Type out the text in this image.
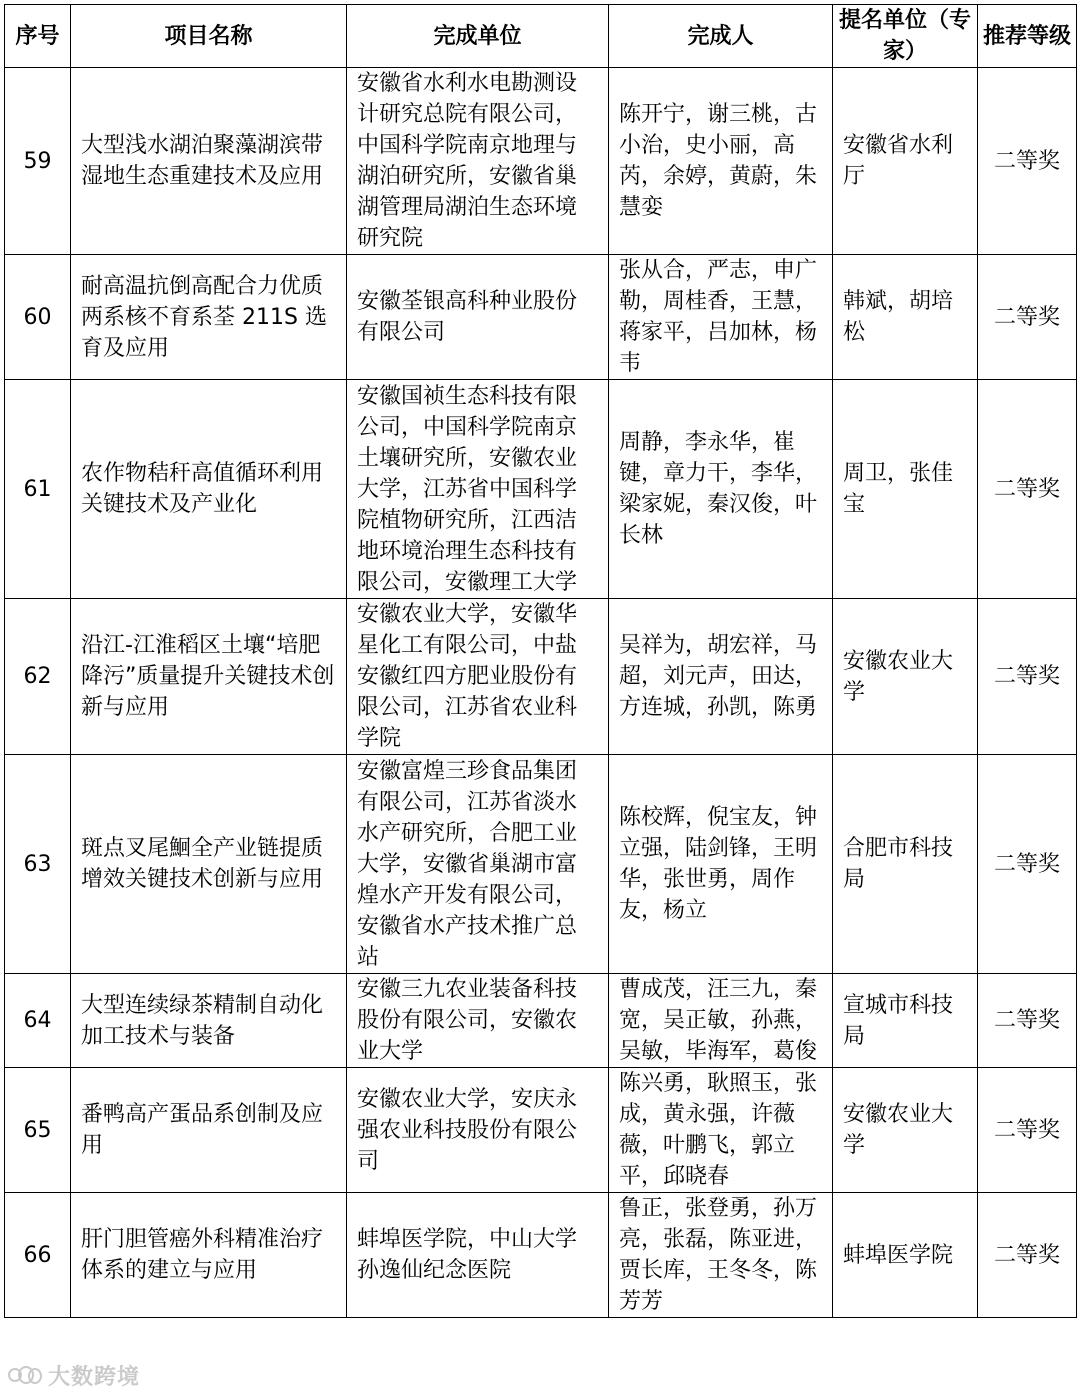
序号	项目名称	完成单位	完成人	提名单位（专家）	推荐等级
59	大型浅水湖泊聚藻湖滨带湿地生态重建技术及应用	安徽省水利水电勘测设计研究总院有限公司，中国科学院南京地理与湖泊研究所，安徽省巢湖管理局湖泊生态环境研究院	陈开宁，谢三桃，古小治，史小丽，高芮，余婷，黄蔚，朱慧娈	安徽省水利厅	二等奖
60	耐高温抗倒高配合力优质两系核不育系荃 211S 选育及应用	安徽荃银高科种业股份有限公司	张从合，严志，申广勒，周桂香，王慧，蒋家平，吕加林，杨韦	韩斌，胡培松	二等奖
61	农作物秸秆高值循环利用关键技术及产业化	安徽国祯生态科技有限公司，中国科学院南京土壤研究所，安徽农业大学，江苏省中国科学院植物研究所，江西洁地环境治理生态科技有限公司，安徽理工大学	周静，李永华，崔键，章力干，李华，梁家妮，秦汉俊，叶长林	周卫，张佳宝	二等奖
62	沿江-江淮稻区土壤“培肥降污”质量提升关键技术创新与应用	安徽农业大学，安徽华星化工有限公司，中盐安徽红四方肥业股份有限公司，江苏省农业科学院	吴祥为，胡宏祥，马超，刘元声，田达，方连城，孙凯，陈勇	安徽农业大学	二等奖
63	斑点叉尾鮰全产业链提质增效关键技术创新与应用	安徽富煌三珍食品集团有限公司，江苏省淡水水产研究所，合肥工业大学，安徽省巢湖市富煌水产开发有限公司，安徽省水产技术推广总站	陈校辉，倪宝友，钟立强，陆剑锋，王明华，张世勇，周作友，杨立	合肥市科技局	二等奖
64	大型连续绿茶精制自动化加工技术与装备	安徽三九农业装备科技股份有限公司，安徽农业大学	曹成茂，汪三九，秦宽，吴正敏，孙燕，吴敏，毕海军，葛俊	宣城市科技局	二等奖
65	番鸭高产蛋品系创制及应用	安徽农业大学，安庆永强农业科技股份有限公司	陈兴勇，耿照玉，张成，黄永强，许薇薇，叶鹏飞，郭立平，邱晓春	安徽农业大学	二等奖
66	肝门胆管癌外科精准治疗体系的建立与应用	蚌埠医学院，中山大学孙逸仙纪念医院	鲁正，张登勇，孙万亮，张磊，陈亚进，贾长库，王冬冬，陈芳芳	蚌埠医学院	二等奖
大数跨境
